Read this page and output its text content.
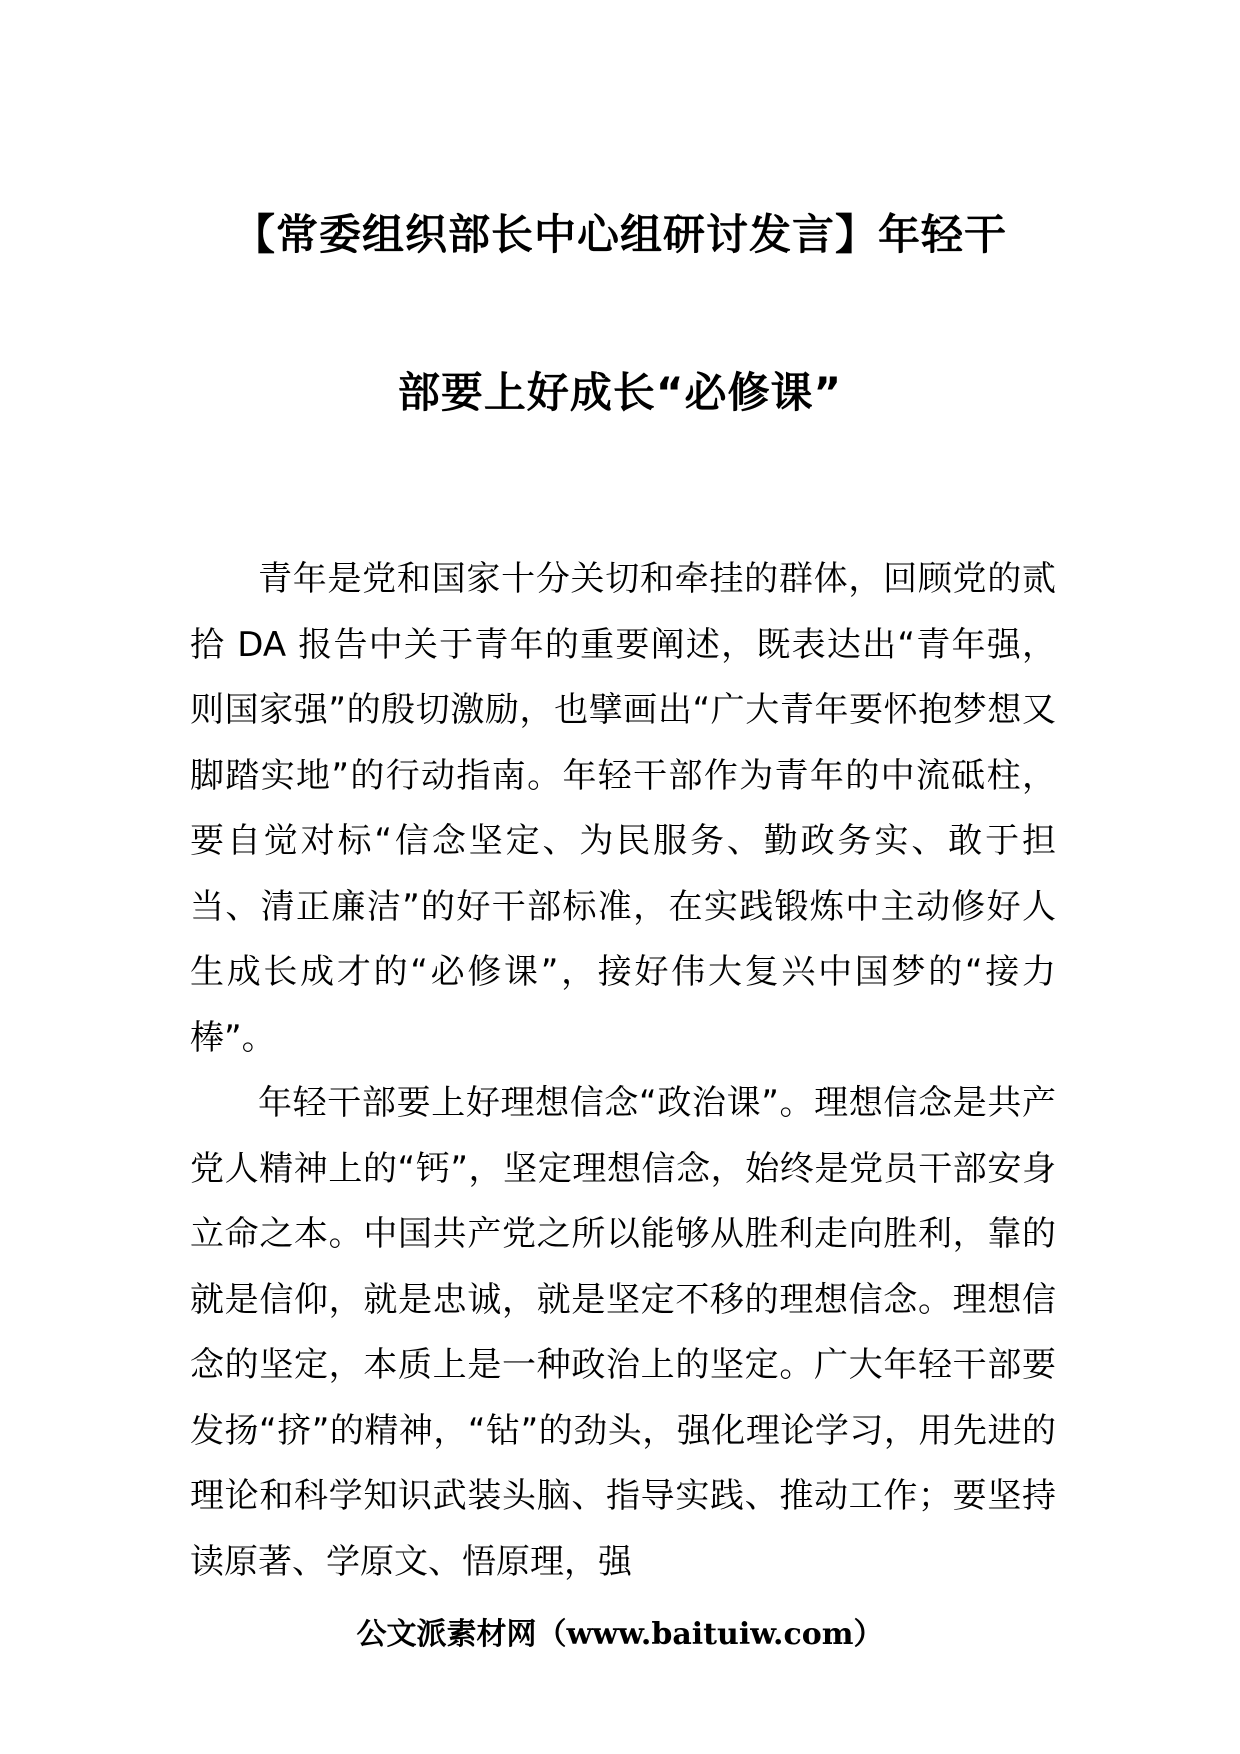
【常委组织部长中心组研讨发言】年轻干
部要上好成长“必修课”

青年是党和国家十分关切和牵挂的群体，回顾党的贰拾 DA 报告中关于青年的重要阐述，既表达出“青年强，则国家强”的殷切激励，也擘画出“广大青年要怀抱梦想又脚踏实地”的行动指南。年轻干部作为青年的中流砥柱，要自觉对标“信念坚定、为民服务、勤政务实、敢于担当、清正廉洁”的好干部标准，在实践锻炼中主动修好人生成长成才的“必修课”，接好伟大复兴中国梦的“接力棒”。

年轻干部要上好理想信念“政治课”。理想信念是共产党人精神上的“钙”，坚定理想信念，始终是党员干部安身立命之本。中国共产党之所以能够从胜利走向胜利，靠的就是信仰，就是忠诚，就是坚定不移的理想信念。理想信念的坚定，本质上是一种政治上的坚定。广大年轻干部要发扬“挤”的精神，“钻”的劲头，强化理论学习，用先进的理论和科学知识武装头脑、指导实践、推动工作；要坚持读原著、学原文、悟原理，强

公文派素材网（www.baituiw.com）
